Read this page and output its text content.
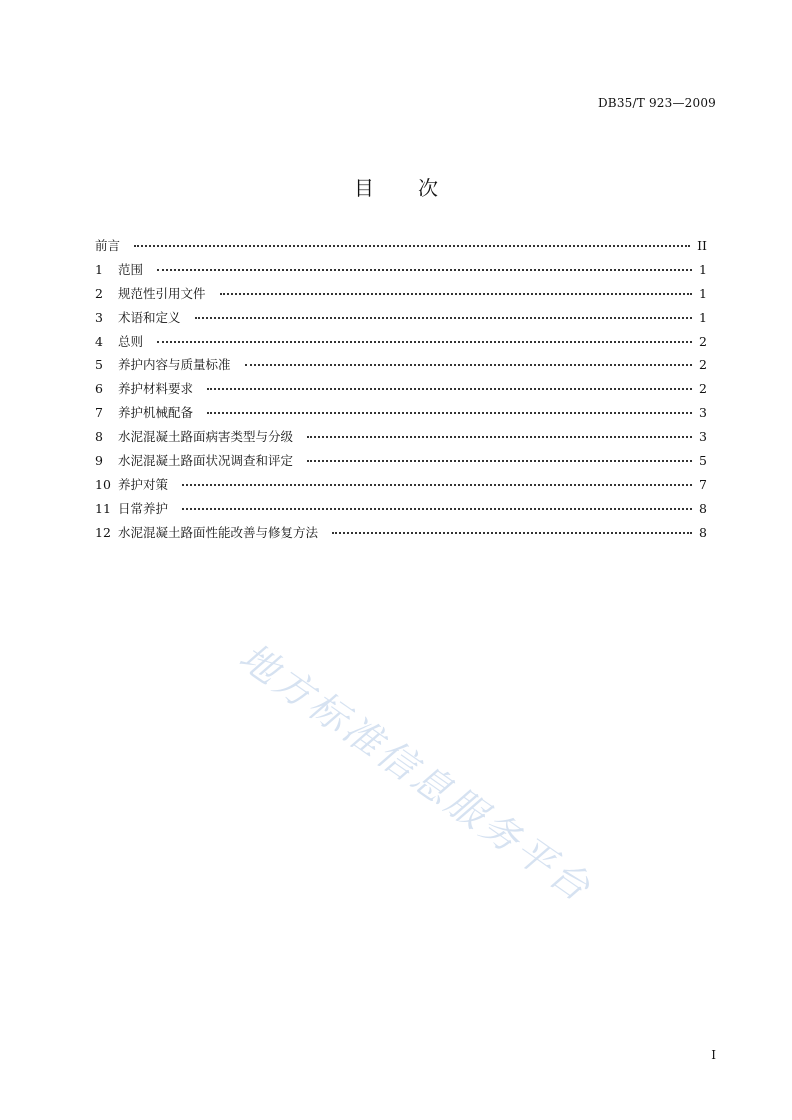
DB35/T 923—2009
目次
前言	II
1	范围	1
2	规范性引用文件	1
3	术语和定义	1
4	总则	2
5	养护内容与质量标准	2
6	养护材料要求	2
7	养护机械配备	3
8	水泥混凝土路面病害类型与分级	3
9	水泥混凝土路面状况调查和评定	5
10 养护对策	7
11 日常养护	8
12 水泥混凝土路面性能改善与修复方法	8
地方标准信息服务平台
I
